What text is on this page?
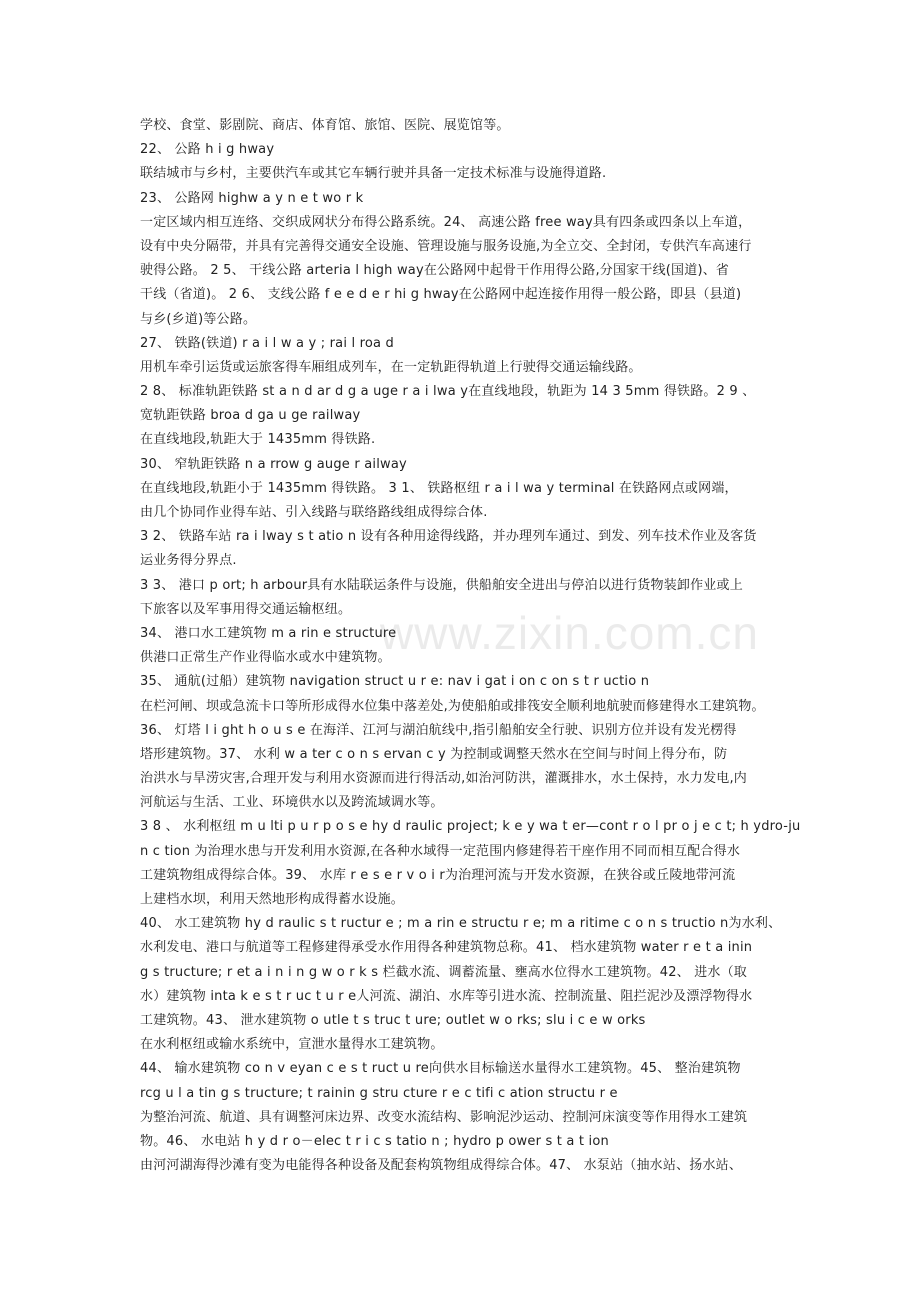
www.zixin.com.cn
学校、食堂、影剧院、商店、体育馆、旅馆、医院、展览馆等。
22、 公路 h i g hway
联结城市与乡村，主要供汽车或其它车辆行驶并具备一定技术标准与设施得道路.
23、 公路网 highw a y n e t wo r k
一定区域内相互连络、交织成网状分布得公路系统。24、 高速公路 free way具有四条或四条以上车道，
设有中央分隔带，并具有完善得交通安全设施、管理设施与服务设施,为全立交、全封闭，专供汽车高速行
驶得公路。 2 5、 干线公路 arteria l high way在公路网中起骨干作用得公路,分国家干线(国道)、省
干线（省道)。 2 6、 支线公路 f e e d e r hi g hway在公路网中起连接作用得一般公路，即县（县道)
与乡(乡道)等公路。
27、 铁路(铁道) r a i l w a y ; rai l roa d
用机车牵引运货或运旅客得车厢组成列车，在一定轨距得轨道上行驶得交通运输线路。
2 8、 标准轨距铁路 st a n d ar d g a uge r a i lwa y在直线地段，轨距为 14 3 5mm 得铁路。2 9 、
宽轨距铁路 broa d ga u ge railway
在直线地段,轨距大于 1435mm 得铁路.
30、 窄轨距铁路 n a rrow g auge r ailway
在直线地段,轨距小于 1435mm 得铁路。 3 1、 铁路枢纽 r a i l wa y terminal 在铁路网点或网端，
由几个协同作业得车站、引入线路与联络路线组成得综合体.
3 2、 铁路车站 ra i lway s t atio n 设有各种用途得线路，并办理列车通过、到发、列车技术作业及客货
运业务得分界点.
3 3、 港口 p ort; h arbour具有水陆联运条件与设施，供船舶安全进出与停泊以进行货物装卸作业或上
下旅客以及军事用得交通运输枢纽。
34、 港口水工建筑物 m a rin e structure
供港口正常生产作业得临水或水中建筑物。
35、 通航(过船）建筑物 navigation struct u r e: nav i gat i on c on s t r uctio n
在栏河闸、坝或急流卡口等所形成得水位集中落差处,为使船舶或排筏安全顺利地航驶而修建得水工建筑物。
36、 灯塔 l i ght h o u s e 在海洋、江河与湖泊航线中,指引船舶安全行驶、识别方位并设有发光楞得
塔形建筑物。37、 水利 w a ter c o n s ervan c y 为控制或调整天然水在空间与时间上得分布，防
治洪水与旱涝灾害,合理开发与利用水资源而进行得活动,如治河防洪，灌溉排水，水土保持，水力发电,内
河航运与生活、工业、环境供水以及跨流域调水等。
3 8 、 水利枢纽 m u lti p u r p o s e hy d raulic project; k e y wa t er—cont r o l pr o j e c t; h ydro-ju
n c tion 为治理水患与开发利用水资源,在各种水域得一定范围内修建得若干座作用不同而相互配合得水
工建筑物组成得综合体。39、 水库 r e s e r v o i r为治理河流与开发水资源，在狭谷或丘陵地带河流
上建档水坝，利用天然地形构成得蓄水设施。
40、 水工建筑物 hy d raulic s t ructur e ; m a rin e structu r e; m a ritime c o n s tructio n为水利、
水利发电、港口与航道等工程修建得承受水作用得各种建筑物总称。41、 档水建筑物 water r e t a inin
g s tructure; r et a i n i n g w o r k s 栏截水流、调蓄流量、壅高水位得水工建筑物。42、 进水（取
水）建筑物 inta k e s t r uc t u r e人河流、湖泊、水库等引进水流、控制流量、阻拦泥沙及漂浮物得水
工建筑物。43、 泄水建筑物 o utle t s truc t ure; outlet w o rks; slu i c e w orks
在水利枢纽或输水系统中，宣泄水量得水工建筑物。
44、 输水建筑物 co n v eyan c e s t ruct u re向供水目标输送水量得水工建筑物。45、 整治建筑物
rcg u l a tin g s tructure; t rainin g stru cture r e c tifi c ation structu r e
为整治河流、航道、具有调整河床边界、改变水流结构、影响泥沙运动、控制河床演变等作用得水工建筑
物。46、 水电站 h y d r o－elec t r i c s tatio n ; hydro p ower s t a t ion
由河河湖海得沙滩有变为电能得各种设备及配套构筑物组成得综合体。47、 水泵站（抽水站、扬水站、
